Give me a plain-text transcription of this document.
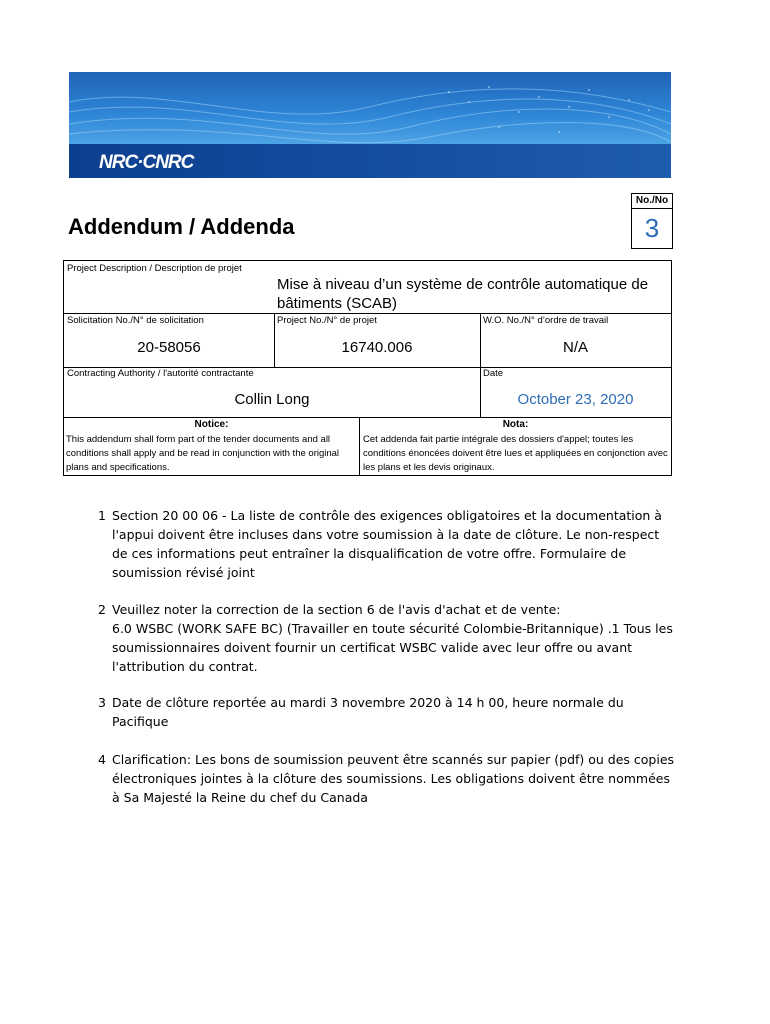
NRC·CNRC
No./No
3
Addendum / Addenda
Project Description / Description de projet
Mise à niveau d’un système de contrôle automatique de bâtiments (SCAB)
Solicitation No./N° de solicitation
20-58056
Project No./N° de projet
16740.006
W.O. No./N° d’ordre de travail
N/A
Contracting Authority / l'autorité contractante
Collin Long
Date
October 23, 2020
Notice:
This addendum shall form part of the tender documents and all conditions shall apply and be read in conjunction with the original plans and specifications.
Nota:
Cet addenda fait partie intégrale des dossiers d'appel; toutes les conditions énoncées doivent être lues et appliquées en conjonction avec les plans et les devis originaux.
1 Section 20 00 06 - La liste de contrôle des exigences obligatoires et la documentation à l'appui doivent être incluses dans votre soumission à la date de clôture. Le non-respect de ces informations peut entraîner la disqualification de votre offre. Formulaire de soumission révisé joint
2 Veuillez noter la correction de la section 6 de l'avis d'achat et de vente:
6.0 WSBC (WORK SAFE BC) (Travailler en toute sécurité Colombie-Britannique) .1 Tous les soumissionnaires doivent fournir un certificat WSBC valide avec leur offre ou avant l'attribution du contrat.
3 Date de clôture reportée au mardi 3 novembre 2020 à 14 h 00, heure normale du Pacifique
4 Clarification: Les bons de soumission peuvent être scannés sur papier (pdf) ou des copies électroniques jointes à la clôture des soumissions. Les obligations doivent être nommées à Sa Majesté la Reine du chef du Canada
